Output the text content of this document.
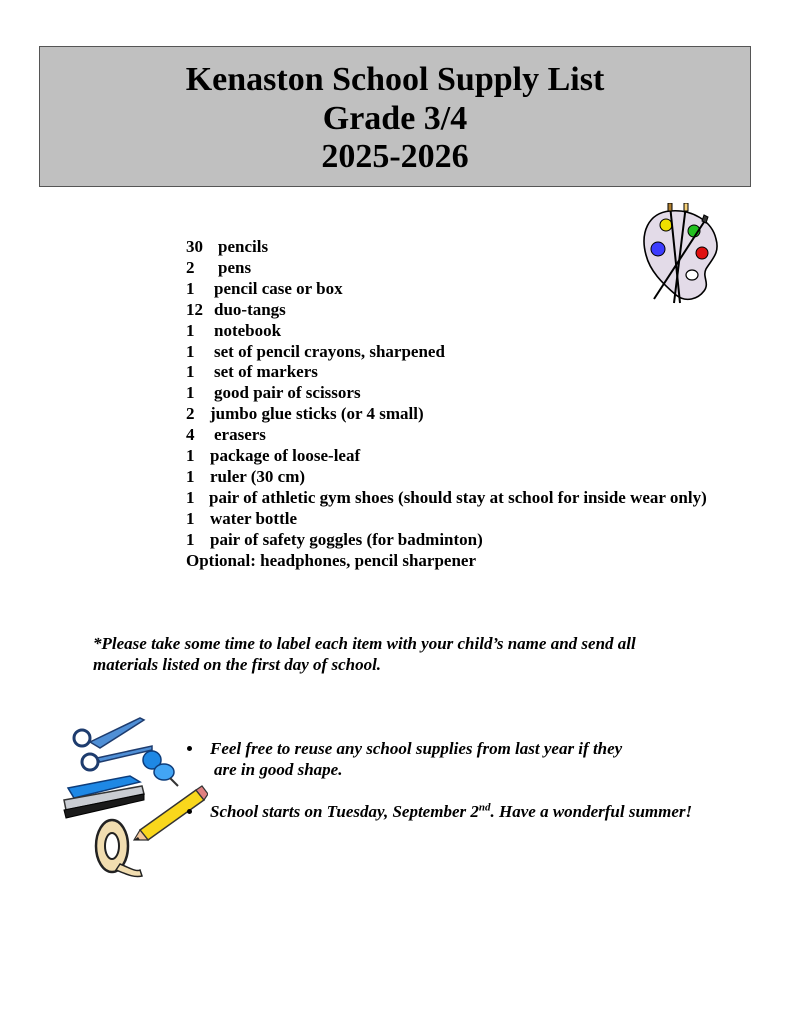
Kenaston School Supply List
Grade 3/4
2025-2026
30 pencils
2 pens
1 pencil case or box
12 duo-tangs
1 notebook
1 set of pencil crayons, sharpened
1 set of markers
1 good pair of scissors
2 jumbo glue sticks (or 4 small)
4 erasers
1 package of loose-leaf
1 ruler (30 cm)
1 pair of athletic gym shoes (should stay at school for inside wear only)
1 water bottle
1 pair of safety goggles (for badminton)
Optional: headphones, pencil sharpener
*Please take some time to label each item with your child’s name and send all
materials listed on the first day of school.
Feel free to reuse any school supplies from last year if they
are in good shape.
School starts on Tuesday, September 2nd. Have a wonderful summer!
